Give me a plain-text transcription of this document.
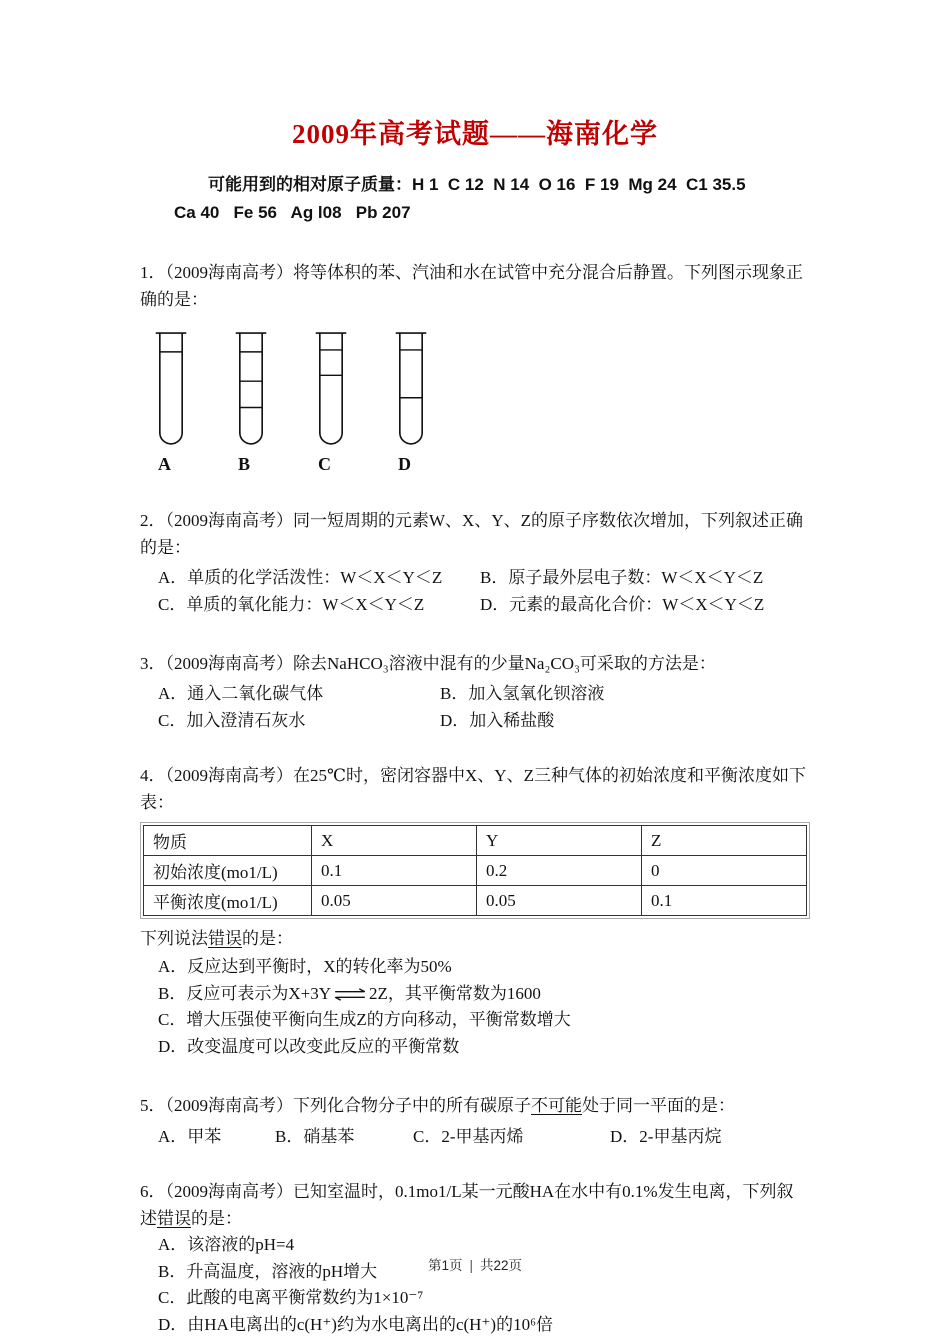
2009年高考试题——海南化学

可能用到的相对原子质量：H 1  C 12  N 14  O 16  F 19  Mg 24  C1 35.5

Ca 40   Fe 56   Ag l08   Pb 207

1．（2009海南高考）将等体积的苯、汽油和水在试管中充分混合后静置。下列图示现象正确的是：

A	B	C	D

2．（2009海南高考）同一短周期的元素W、X、Y、Z的原子序数依次增加，下列叙述正确的是：

A．单质的化学活泼性：W＜X＜Y＜Z	B．原子最外层电子数：W＜X＜Y＜Z
C．单质的氧化能力：W＜X＜Y＜Z	D．元素的最高化合价：W＜X＜Y＜Z

3．（2009海南高考）除去NaHCO₃溶液中混有的少量Na₂CO₃可采取的方法是：

A．通入二氧化碳气体	B．加入氢氧化钡溶液
C．加入澄清石灰水	D．加入稀盐酸

4．（2009海南高考）在25℃时，密闭容器中X、Y、Z三种气体的初始浓度和平衡浓度如下表：

物质	X	Y	Z
初始浓度(mo1/L)	0.1	0.2	0
平衡浓度(mo1/L)	0.05	0.05	0.1

下列说法错误的是：

A．反应达到平衡时，X的转化率为50%

B．反应可表示为X+3Y ⇌ 2Z，其平衡常数为1600

C．增大压强使平衡向生成Z的方向移动，平衡常数增大

D．改变温度可以改变此反应的平衡常数

5．（2009海南高考）下列化合物分子中的所有碳原子不可能处于同一平面的是：

A．甲苯	B．硝基苯	C．2-甲基丙烯	D．2-甲基丙烷

6．（2009海南高考）已知室温时，0.1mo1/L某一元酸HA在水中有0.1%发生电离，下列叙述错误的是：

A．该溶液的pH=4

B．升高温度，溶液的pH增大

C．此酸的电离平衡常数约为1×10⁻⁷

D．由HA电离出的c(H⁺)约为水电离出的c(H⁺)的10⁶倍

第1页 | 共22页
